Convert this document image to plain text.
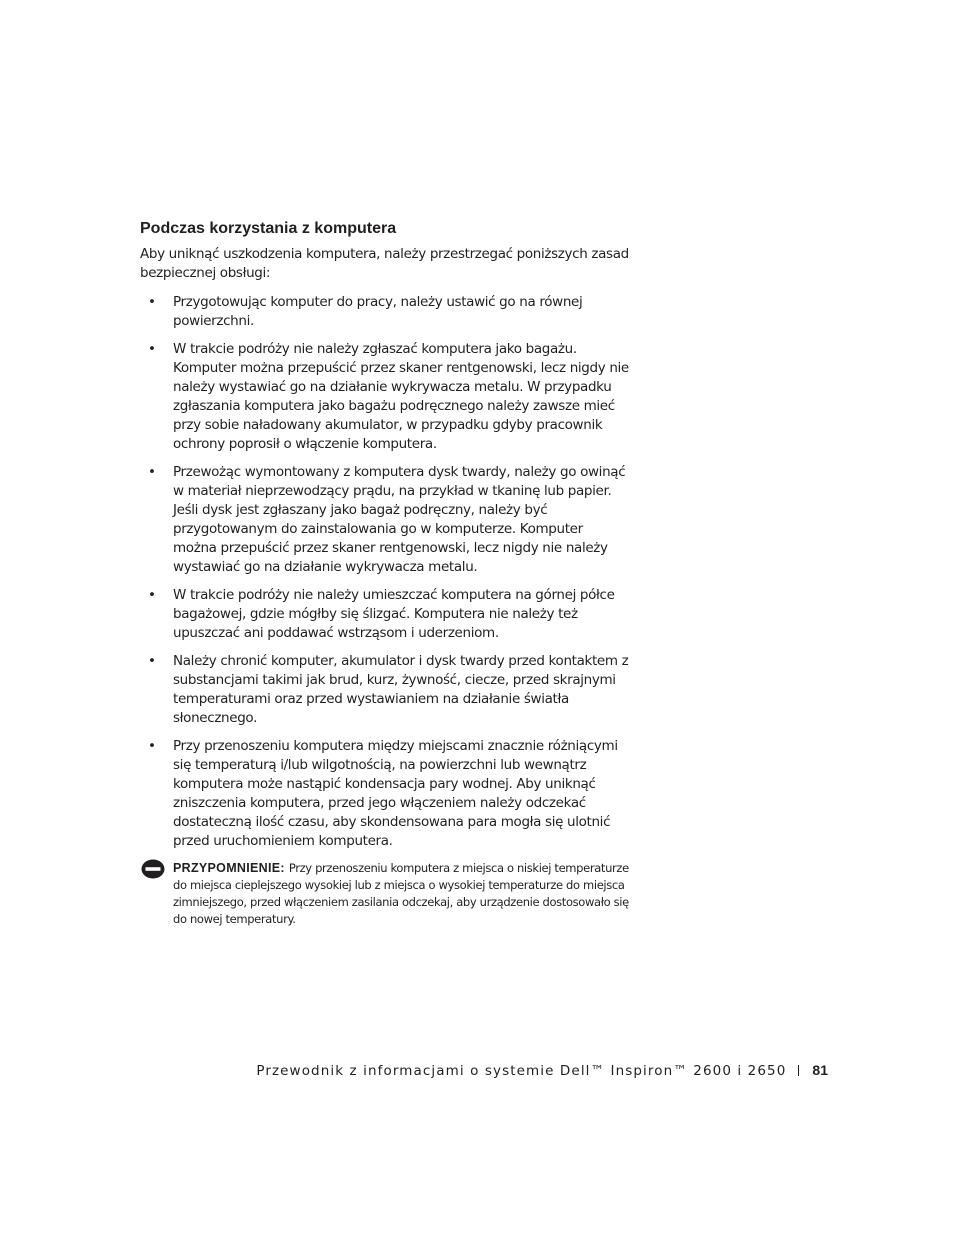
Podczas korzystania z komputera

Aby uniknąć uszkodzenia komputera, należy przestrzegać poniższych zasad bezpiecznej obsługi:

• Przygotowując komputer do pracy, należy ustawić go na równej powierzchni.
• W trakcie podróży nie należy zgłaszać komputera jako bagażu. Komputer można przepuścić przez skaner rentgenowski, lecz nigdy nie należy wystawiać go na działanie wykrywacza metalu. W przypadku zgłaszania komputera jako bagażu podręcznego należy zawsze mieć przy sobie naładowany akumulator, w przypadku gdyby pracownik ochrony poprosił o włączenie komputera.
• Przewożąc wymontowany z komputera dysk twardy, należy go owinąć w materiał nieprzewodzący prądu, na przykład w tkaninę lub papier. Jeśli dysk jest zgłaszany jako bagaż podręczny, należy być przygotowanym do zainstalowania go w komputerze. Komputer można przepuścić przez skaner rentgenowski, lecz nigdy nie należy wystawiać go na działanie wykrywacza metalu.
• W trakcie podróży nie należy umieszczać komputera na górnej półce bagażowej, gdzie mógłby się ślizgać. Komputera nie należy też upuszczać ani poddawać wstrząsom i uderzeniom.
• Należy chronić komputer, akumulator i dysk twardy przed kontaktem z substancjami takimi jak brud, kurz, żywność, ciecze, przed skrajnymi temperaturami oraz przed wystawianiem na działanie światła słonecznego.
• Przy przenoszeniu komputera między miejscami znacznie różniącymi się temperaturą i/lub wilgotnością, na powierzchni lub wewnątrz komputera może nastąpić kondensacja pary wodnej. Aby uniknąć zniszczenia komputera, przed jego włączeniem należy odczekać dostateczną ilość czasu, aby skondensowana para mogła się ulotnić przed uruchomieniem komputera.
PRZYPOMNIENIE: Przy przenoszeniu komputera z miejsca o niskiej temperaturze do miejsca cieplejszego wysokiej lub z miejsca o wysokiej temperaturze do miejsca zimniejszego, przed włączeniem zasilania odczekaj, aby urządzenie dostosowało się do nowej temperatury.
Przewodnik z informacjami o systemie Dell™ Inspiron™ 2600 i 2650 81
